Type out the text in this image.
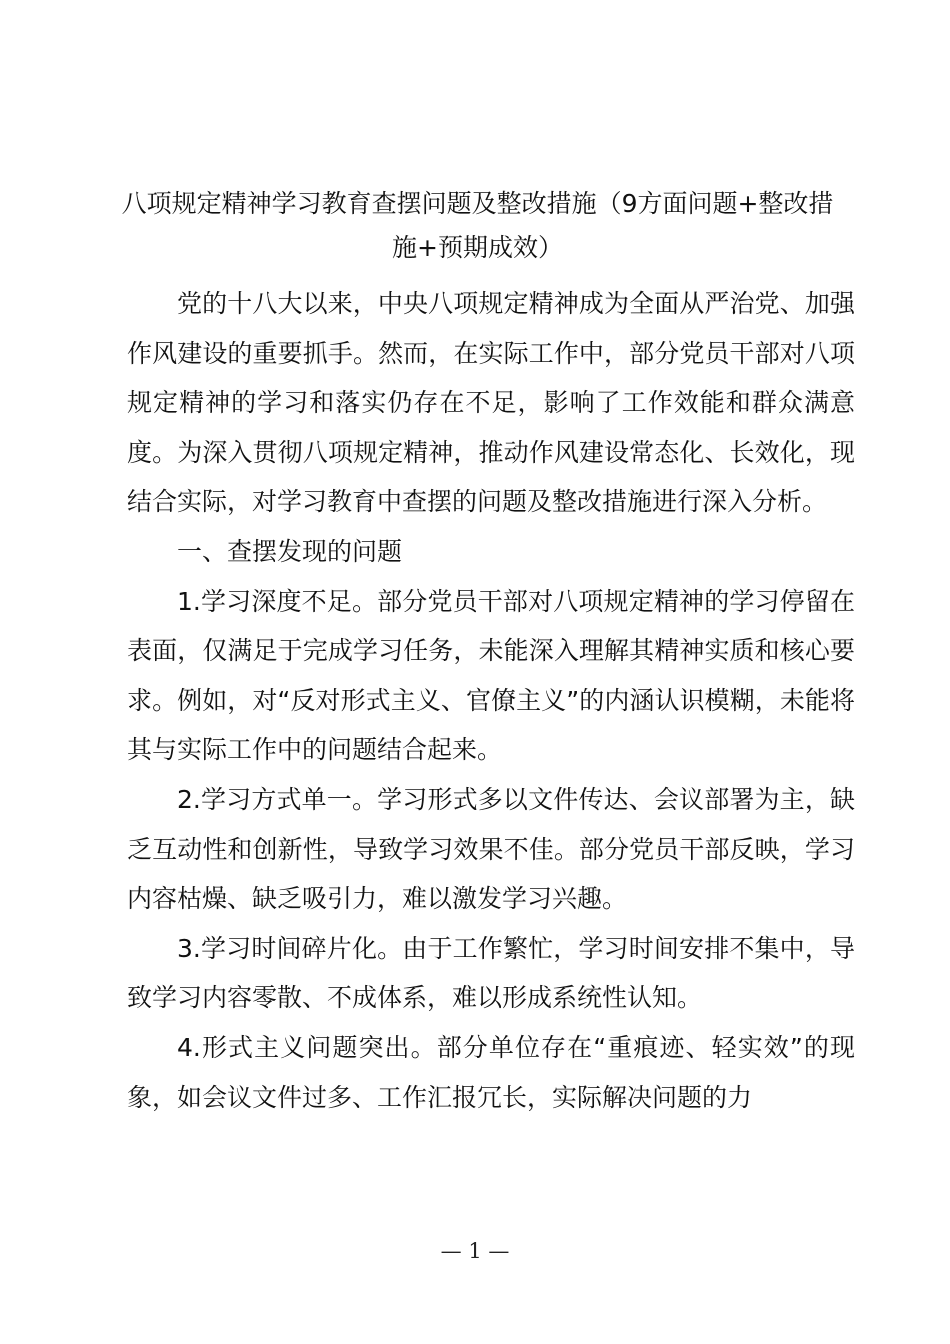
八项规定精神学习教育查摆问题及整改措施（9方面问题+整改措施+预期成效）

党的十八大以来，中央八项规定精神成为全面从严治党、加强作风建设的重要抓手。然而，在实际工作中，部分党员干部对八项规定精神的学习和落实仍存在不足，影响了工作效能和群众满意度。为深入贯彻八项规定精神，推动作风建设常态化、长效化，现结合实际，对学习教育中查摆的问题及整改措施进行深入分析。

一、查摆发现的问题

1.学习深度不足。部分党员干部对八项规定精神的学习停留在表面，仅满足于完成学习任务，未能深入理解其精神实质和核心要求。例如，对“反对形式主义、官僚主义”的内涵认识模糊，未能将其与实际工作中的问题结合起来。

2.学习方式单一。学习形式多以文件传达、会议部署为主，缺乏互动性和创新性，导致学习效果不佳。部分党员干部反映，学习内容枯燥、缺乏吸引力，难以激发学习兴趣。

3.学习时间碎片化。由于工作繁忙，学习时间安排不集中，导致学习内容零散、不成体系，难以形成系统性认知。

4.形式主义问题突出。部分单位存在“重痕迹、轻实效”的现象，如会议文件过多、工作汇报冗长，实际解决问题的力

— 1 —
